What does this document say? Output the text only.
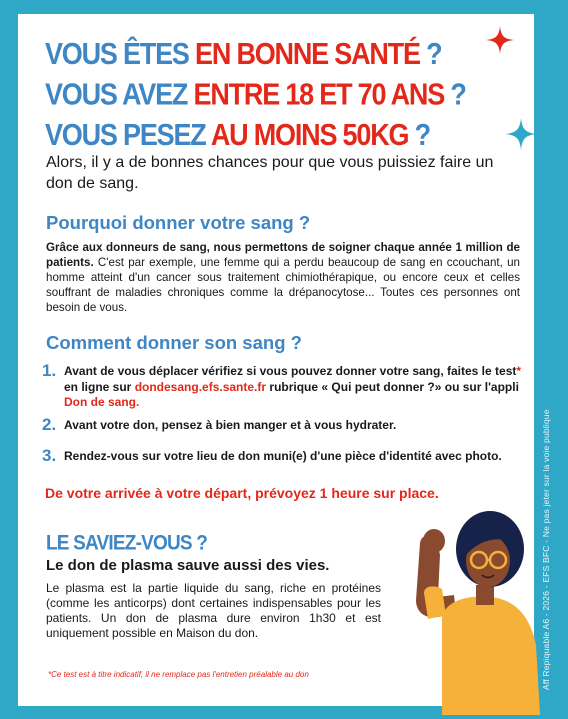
VOUS ÊTES EN BONNE SANTÉ ?
VOUS AVEZ ENTRE 18 ET 70 ANS ?
VOUS PESEZ AU MOINS 50KG ?

Alors, il y a de bonnes chances pour que vous puissiez faire un don de sang.

Pourquoi donner votre sang ?

Grâce aux donneurs de sang, nous permettons de soigner chaque année 1 million de patients. C'est par exemple, une femme qui a perdu beaucoup de sang en ccouchant, un homme atteint d'un cancer sous traitement chimiothérapique, ou encore ceux et celles souffrant de maladies chroniques comme la drépanocytose... Toutes ces personnes ont besoin de vous.

Comment donner son sang ?
1. Avant de vous déplacer vérifiez si vous pouvez donner votre sang, faites le test* en ligne sur dondesang.efs.sante.fr rubrique « Qui peut donner ?» ou sur l'appli Don de sang.
2. Avant votre don, pensez à bien manger et à vous hydrater.
3. Rendez-vous sur votre lieu de don muni(e) d'une pièce d'identité avec photo.

De votre arrivée à votre départ, prévoyez 1 heure sur place.

LE SAVIEZ-VOUS ?

Le don de plasma sauve aussi des vies.

Le plasma est la partie liquide du sang, riche en protéines (comme les anticorps) dont certaines indispensables pour les patients. Un don de plasma dure environ 1h30 et est uniquement possible en Maison du don.

*Ce test est à titre indicatif, il ne remplace pas l'entretien préalable au don	Aff Repiquable A6 - 2026 - EFS BFC - Ne pas jeter sur la voie publique
